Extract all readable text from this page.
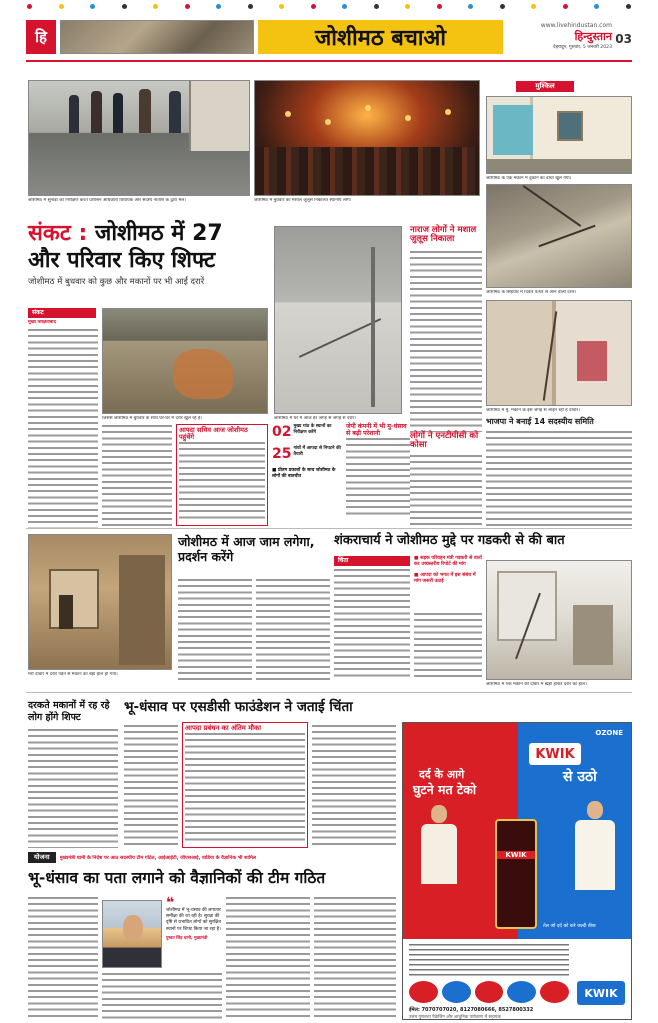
हि	जोशीमठ बचाओ
www.livehindustan.com
हिन्दुस्तान
देहरादून, गुरुवार, 5 जनवरी 2023
03
जोशीमठ में सुनाड़ा का निरीक्षण करते प्रशासन अधिकारी विधायक और सदस्य नीतीश के द्वारा मेल।	जोशीमठ में बुधवार को मशाल जुलूस निकालते स्थानीय लोग।
मुश्किल
जोशीमठ के एक मकान में दुकान का ढांचा खुल गया।
जोशीमठ के सिंहधार में दिवार पत्थर से आने वाली दरारें।
जोशीमठ में मु. मकान के इस जगह से लाइन रही हैं दीवारें।
भाजपा ने बनाई 14 सदस्यीय समिति
संकट : जोशीमठ में 27
और परिवार किए शिफ्ट
जोशीमठ में बुधवार को कुछ और मकानों पर भी आईं दरारें
संकट
मुख्य शिक्षिताबाद
जिससे जोशीमठ में बुधवार के साथ घर-घर में दरारें खुल रहे हैं।
आपदा सचिव आज जोशीमठ पहुंचेंगे	02 मुख्य गांठ के स्थानों का निरीक्षण करेंगे
25 गांवों में आपदा से निपटने की तैयारी
■ प्रीतम प्रकाशों के साथ जोशीमठ के लोगों की बातचीत
जोशीमठ में घर में आज हर जगह से जगह से दरारें।
जेपी कंपनी में भी मु-धंसाव से बढ़ी परेशानी
नाराज लोगों ने मशाल जुलूस निकाला
लोगों ने एनटीपीसी को कोसा
मेरी दीवार में दरारें पड़ने से मकान का बड़ा हाल हो गया।
जोशीमठ में आज जाम लगेगा, प्रदर्शन करेंगे
शंकराचार्य ने जोशीमठ मुद्दे पर गडकरी से की बात
चिंता	■ सड़क परिवहन मंत्री गडकरी से वार्ता कर उच्चस्तरीय रिपोर्ट की मांग
■ आपदा को भगत में इस संबंध में मांग जरूरी उठाई
जोशीमठ में एक मकान की दीवार में खड़ा होकर दरार का हाल।
दरकते मकानों में रह रहे लोग होंगे शिफ्ट
भू-धंसाव पर एसडीसी फाउंडेशन ने जताई चिंता
आपदा प्रबंधन का अंतिम मौका
योजना	मुख्यमंत्री धामी के निर्देश पर आठ सदस्यीय टीम गठित, आईआईटी, जीएसआई, वाडिया के वैज्ञानिक भी शामिल
भू-धंसाव का पता लगाने को वैज्ञानिकों की टीम गठित
❝
जोशीमठ में भू-धंसाव की लगातार समीक्षा की जा रही है। सुरक्षा की दृष्टि से प्रभावित लोगों को सुरक्षित स्थानों पर शिफ्ट किया जा रहा है।
पुष्कर सिंह धामी, मुख्यमंत्री
OZONE
KWIK
से उठो
दर्द के आगे
घुटने मत टेको
KWIK
तेल जो दर्द को करे जल्दी ठीक
KWIK
ईमेल: 7070707020, 8127080666, 8527800332
उत्तम गुणवत्ता पैकेजिंग और आधुनिक पर्यावरण में सहायक
